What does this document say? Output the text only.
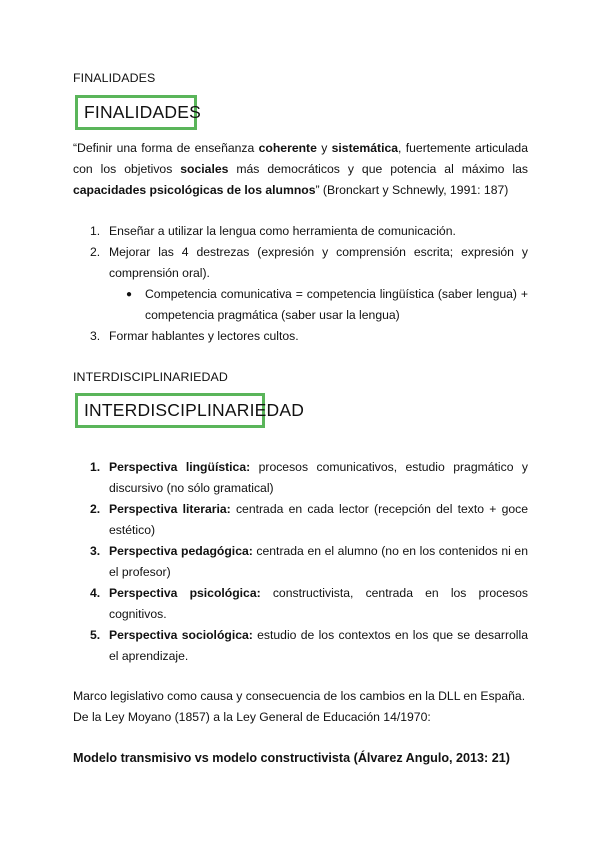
FINALIDADES
FINALIDADES
“Definir una forma de enseñanza coherente y sistemática, fuertemente articulada con los objetivos sociales más democráticos y que potencia al máximo las capacidades psicológicas de los alumnos” (Bronckart y Schnewly, 1991: 187)
1. Enseñar a utilizar la lengua como herramienta de comunicación.
2. Mejorar las 4 destrezas (expresión y comprensión escrita; expresión y comprensión oral).
● Competencia comunicativa = competencia lingüística (saber lengua) + competencia pragmática (saber usar la lengua)
3. Formar hablantes y lectores cultos.
INTERDISCIPLINARIEDAD
INTERDISCIPLINARIEDAD
1. Perspectiva lingüística: procesos comunicativos, estudio pragmático y discursivo (no sólo gramatical)
2. Perspectiva literaria: centrada en cada lector (recepción del texto + goce estético)
3. Perspectiva pedagógica: centrada en el alumno (no en los contenidos ni en el profesor)
4. Perspectiva psicológica: constructivista, centrada en los procesos cognitivos.
5. Perspectiva sociológica: estudio de los contextos en los que se desarrolla el aprendizaje.
Marco legislativo como causa y consecuencia de los cambios en la DLL en España.
De la Ley Moyano (1857) a la Ley General de Educación 14/1970:
Modelo transmisivo vs modelo constructivista (Álvarez Angulo, 2013: 21)
